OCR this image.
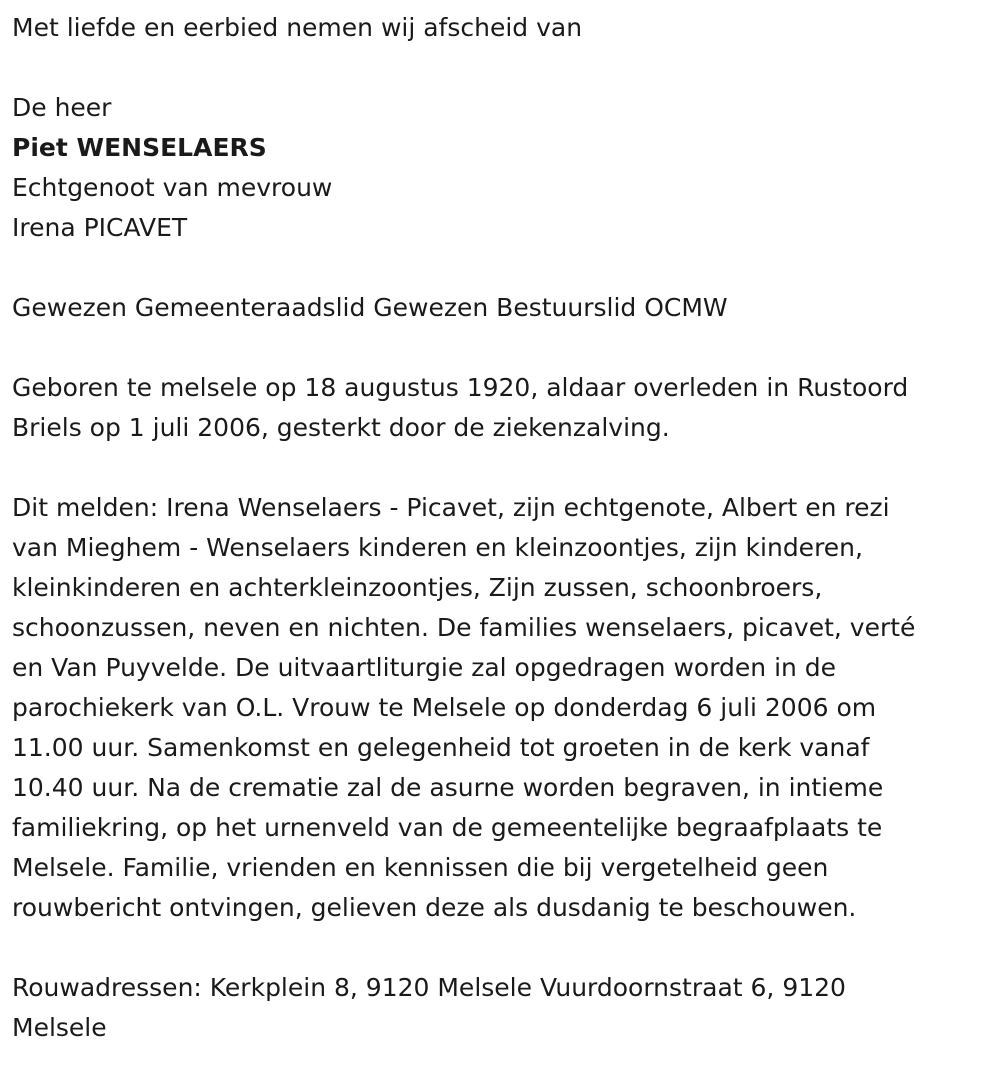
Met liefde en eerbied nemen wij afscheid van

De heer

Piet WENSELAERS

Echtgenoot van mevrouw

Irena PICAVET

Gewezen Gemeenteraadslid Gewezen Bestuurslid OCMW

Geboren te melsele op 18 augustus 1920, aldaar overleden in Rustoord

Briels op 1 juli 2006, gesterkt door de ziekenzalving.

Dit melden: Irena Wenselaers - Picavet, zijn echtgenote, Albert en rezi

van Mieghem - Wenselaers kinderen en kleinzoontjes, zijn kinderen,

kleinkinderen en achterkleinzoontjes, Zijn zussen, schoonbroers,

schoonzussen, neven en nichten. De families wenselaers, picavet, verté

en Van Puyvelde. De uitvaartliturgie zal opgedragen worden in de

parochiekerk van O.L. Vrouw te Melsele op donderdag 6 juli 2006 om

11.00 uur. Samenkomst en gelegenheid tot groeten in de kerk vanaf

10.40 uur. Na de crematie zal de asurne worden begraven, in intieme

familiekring, op het urnenveld van de gemeentelijke begraafplaats te

Melsele. Familie, vrienden en kennissen die bij vergetelheid geen

rouwbericht ontvingen, gelieven deze als dusdanig te beschouwen.

Rouwadressen: Kerkplein 8, 9120 Melsele Vuurdoornstraat 6, 9120

Melsele
